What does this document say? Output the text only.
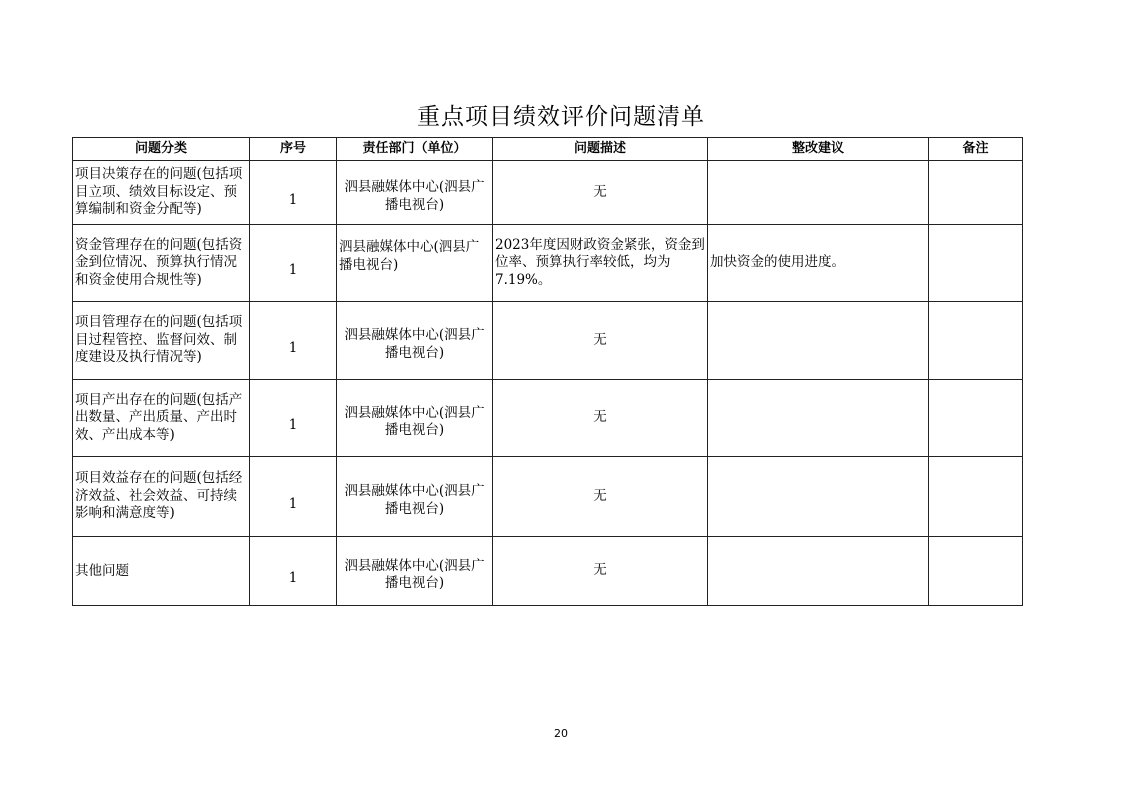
重点项目绩效评价问题清单
问题分类	序号	责任部门（单位）	问题描述	整改建议	备注
项目决策存在的问题(包括项目立项、绩效目标设定、预算编制和资金分配等)	1	泗县融媒体中心(泗县广播电视台)	无		
资金管理存在的问题(包括资金到位情况、预算执行情况和资金使用合规性等)	1	泗县融媒体中心(泗县广播电视台)	2023年度因财政资金紧张，资金到位率、预算执行率较低，均为7.19%。	加快资金的使用进度。	
项目管理存在的问题(包括项目过程管控、监督问效、制度建设及执行情况等)	1	泗县融媒体中心(泗县广播电视台)	无		
项目产出存在的问题(包括产出数量、产出质量、产出时效、产出成本等)	1	泗县融媒体中心(泗县广播电视台)	无		
项目效益存在的问题(包括经济效益、社会效益、可持续影响和满意度等)	1	泗县融媒体中心(泗县广播电视台)	无		
其他问题	1	泗县融媒体中心(泗县广播电视台)	无		
20
